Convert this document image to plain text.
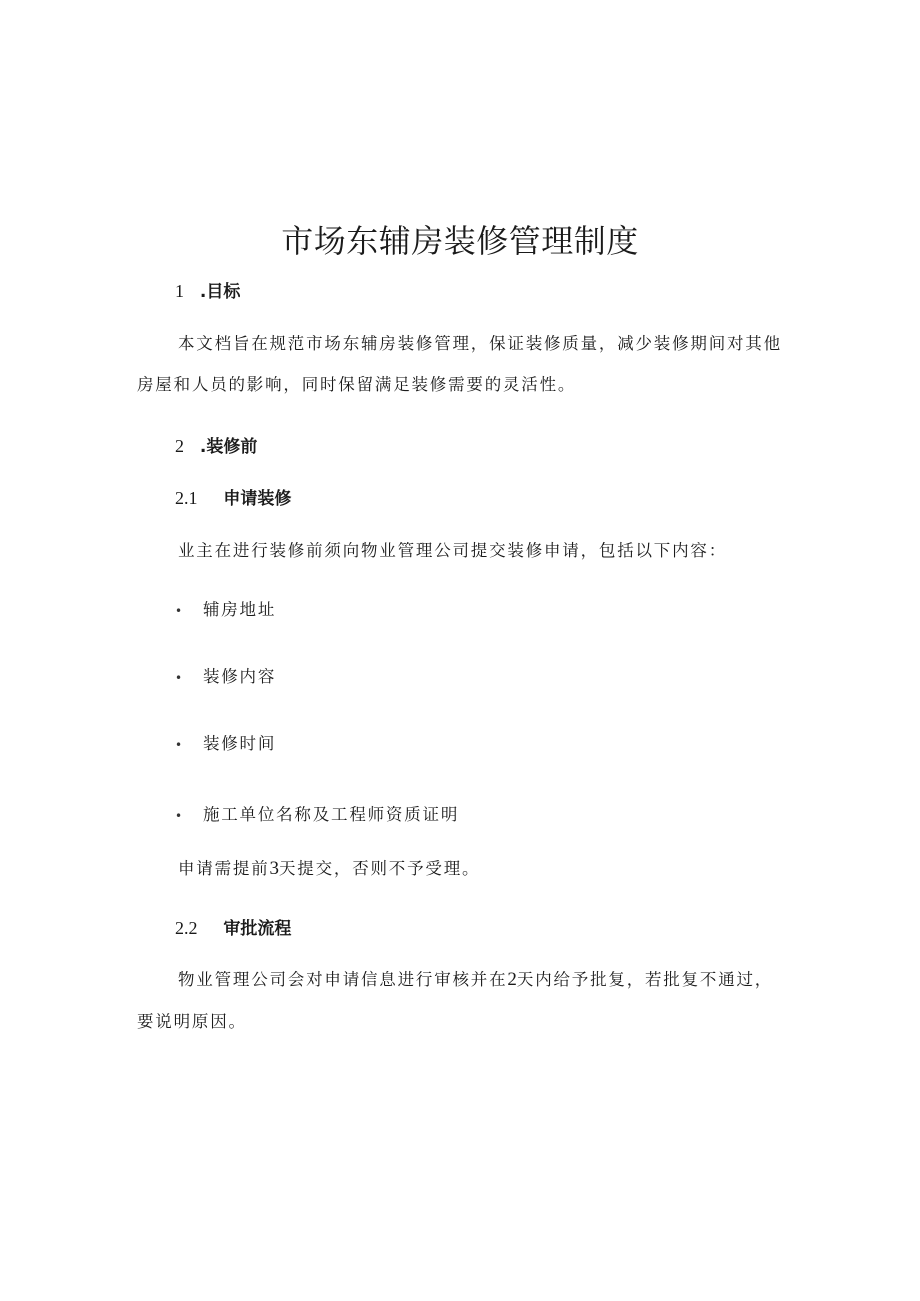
市场东辅房装修管理制度
1 .目标
本文档旨在规范市场东辅房装修管理，保证装修质量，减少装修期间对其他
房屋和人员的影响，同时保留满足装修需要的灵活性。
2 .装修前
2.1 申请装修
业主在进行装修前须向物业管理公司提交装修申请，包括以下内容：
• 辅房地址
• 装修内容
• 装修时间
• 施工单位名称及工程师资质证明
申请需提前3天提交，否则不予受理。
2.2 审批流程
物业管理公司会对申请信息进行审核并在2天内给予批复，若批复不通过，
要说明原因。
